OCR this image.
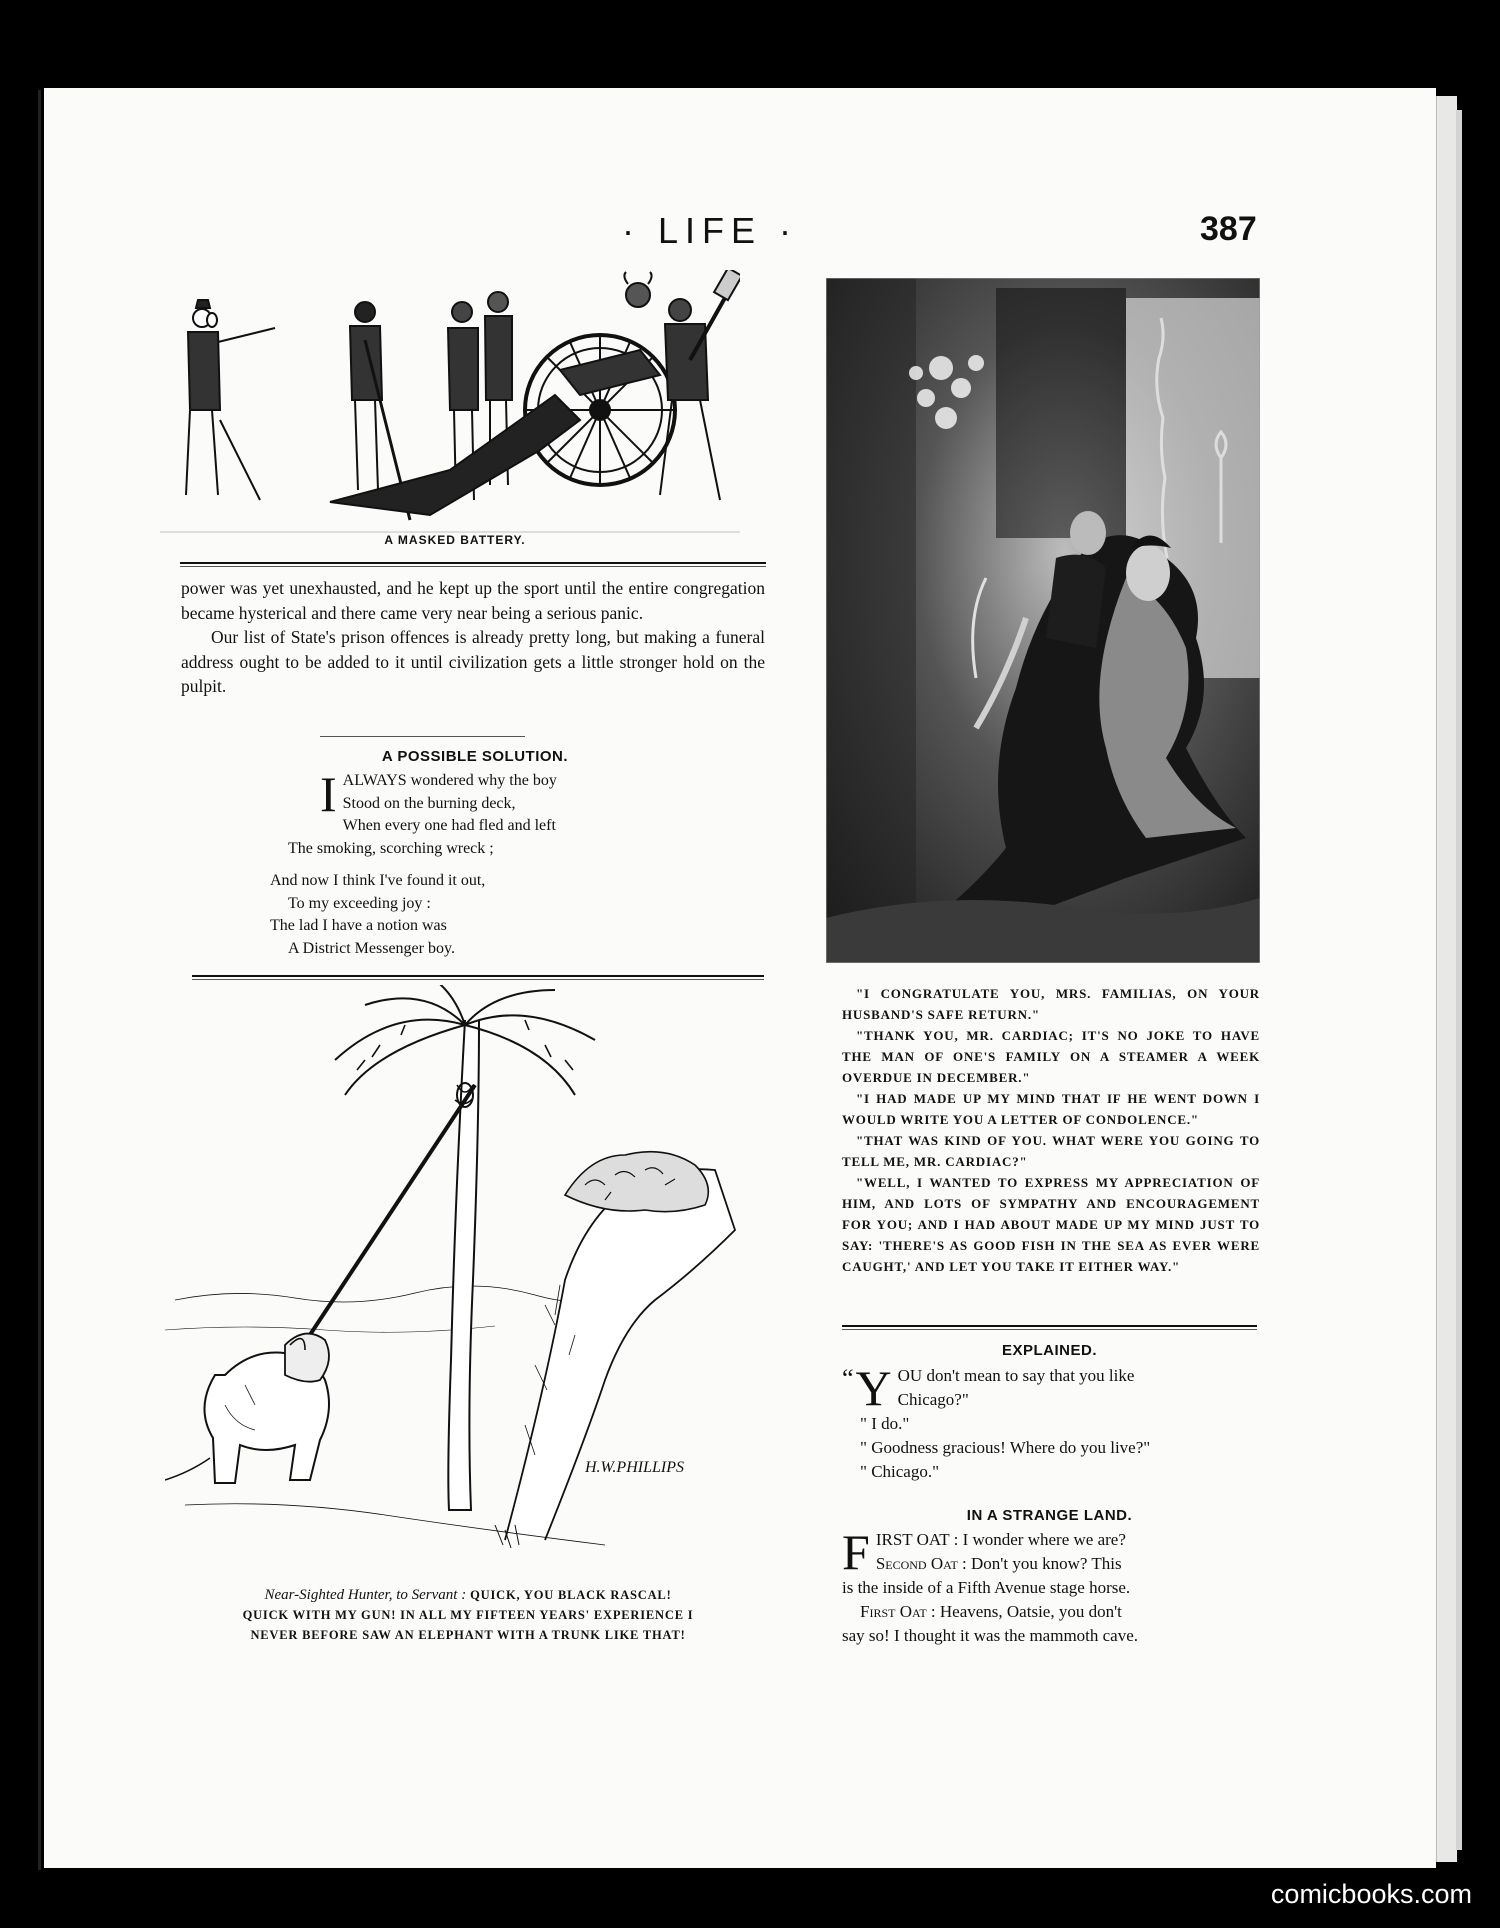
· LIFE ·	387
A MASKED BATTERY.

power was yet unexhausted, and he kept up the sport until the entire congregation became hysterical and there came very near being a serious panic.

Our list of State's prison offences is already pretty long, but making a funeral address ought to be added to it until civilization gets a little stronger hold on the pulpit.

A POSSIBLE SOLUTION.
I ALWAYS wondered why the boy
Stood on the burning deck,
When every one had fled and left
The smoking, scorching wreck ;
And now I think I've found it out,
To my exceeding joy :
The lad I have a notion was
A District Messenger boy.
H.W.PHILLIPS
Near-Sighted Hunter, to Servant : QUICK, YOU BLACK RASCAL!
QUICK WITH MY GUN! IN ALL MY FIFTEEN YEARS' EXPERIENCE I
NEVER BEFORE SAW AN ELEPHANT WITH A TRUNK LIKE THAT!

"I CONGRATULATE YOU, MRS. FAMILIAS, ON YOUR HUSBAND'S SAFE RETURN."

"THANK YOU, MR. CARDIAC; IT'S NO JOKE TO HAVE THE MAN OF ONE'S FAMILY ON A STEAMER A WEEK OVERDUE IN DECEMBER."

"I HAD MADE UP MY MIND THAT IF HE WENT DOWN I WOULD WRITE YOU A LETTER OF CONDOLENCE."

"THAT WAS KIND OF YOU. WHAT WERE YOU GOING TO TELL ME, MR. CARDIAC?"

"WELL, I WANTED TO EXPRESS MY APPRECIATION OF HIM, AND LOTS OF SYMPATHY AND ENCOURAGEMENT FOR YOU; AND I HAD ABOUT MADE UP MY MIND JUST TO SAY: 'THERE'S AS GOOD FISH IN THE SEA AS EVER WERE CAUGHT,' AND LET YOU TAKE IT EITHER WAY."

EXPLAINED.

“ Y OU don't mean to say that you like
Chicago?"

" I do."

" Goodness gracious! Where do you live?"

" Chicago."

IN A STRANGE LAND.

F IRST OAT : I wonder where we are?
Second Oat : Don't you know? This

is the inside of a Fifth Avenue stage horse.

First Oat : Heavens, Oatsie, you don't

say so! I thought it was the mammoth cave.

comicbooks.com
